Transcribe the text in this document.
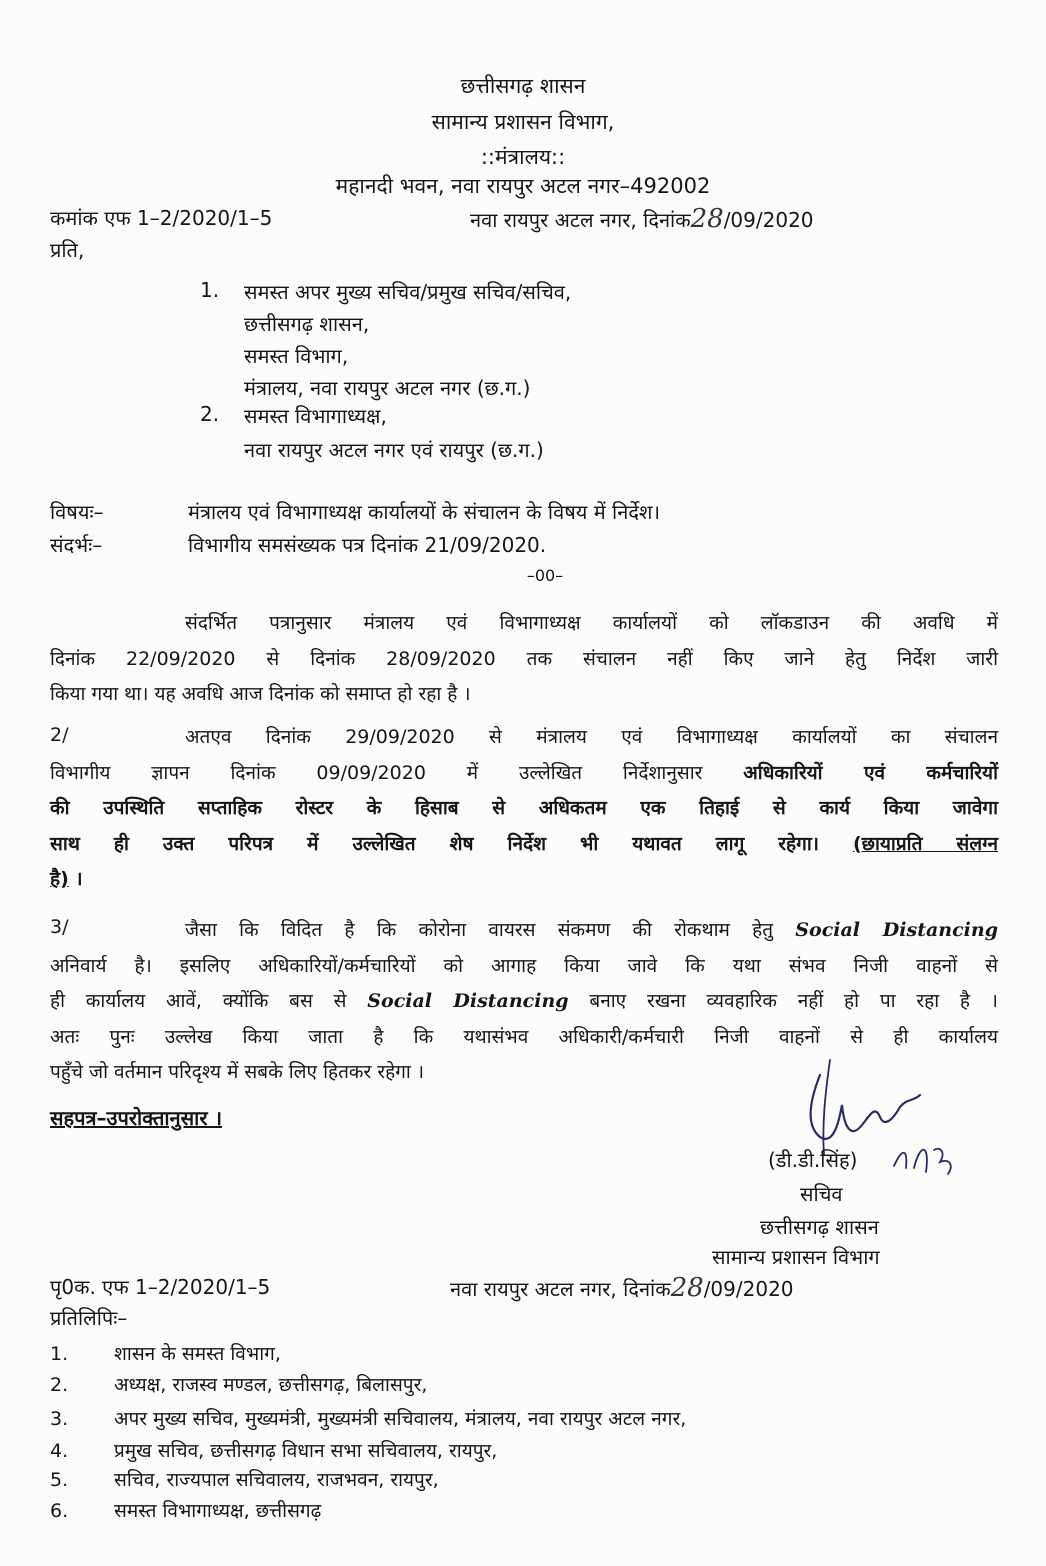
छत्तीसगढ़ शासन
सामान्य प्रशासन विभाग,
::मंत्रालय::
महानदी भवन, नवा रायपुर अटल नगर–492002
कमांक एफ 1–2/2020/1–5	नवा रायपुर अटल नगर, दिनांक28/09/2020
प्रति,
1. समस्त अपर मुख्य सचिव/प्रमुख सचिव/सचिव,
छत्तीसगढ़ शासन,
समस्त विभाग,
मंत्रालय, नवा रायपुर अटल नगर (छ.ग.)
2. समस्त विभागाध्यक्ष,
नवा रायपुर अटल नगर एवं रायपुर (छ.ग.)
विषयः–	मंत्रालय एवं विभागाध्यक्ष कार्यालयों के संचालन के विषय में निर्देश।
संदर्भः–	विभागीय समसंख्यक पत्र दिनांक 21/09/2020.
–00–
संदर्भित पत्रानुसार मंत्रालय एवं विभागाध्यक्ष कार्यालयों को लॉकडाउन की अवधि में
दिनांक 22/09/2020 से दिनांक 28/09/2020 तक संचालन नहीं किए जाने हेतु निर्देश जारी
किया गया था। यह अवधि आज दिनांक को समाप्त हो रहा है ।
2/	अतएव दिनांक 29/09/2020 से मंत्रालय एवं विभागाध्यक्ष कार्यालयों का संचालन
विभागीय ज्ञापन दिनांक 09/09/2020 में उल्लेखित निर्देशानुसार अधिकारियों एवं कर्मचारियों
की उपस्थिति सप्ताहिक रोस्टर के हिसाब से अधिकतम एक तिहाई से कार्य किया जावेगा
साथ ही उक्त परिपत्र में उल्लेखित शेष निर्देश भी यथावत लागू रहेगा। (छायाप्रति संलग्न
है) ।
3/	जैसा कि विदित है कि कोरोना वायरस संकमण की रोकथाम हेतु Social Distancing
अनिवार्य है। इसलिए अधिकारियों/कर्मचारियों को आगाह किया जावे कि यथा संभव निजी वाहनों से
ही कार्यालय आवें, क्योंकि बस से Social Distancing बनाए रखना व्यवहारिक नहीं हो पा रहा है ।
अतः पुनः उल्लेख किया जाता है कि यथासंभव अधिकारी/कर्मचारी निजी वाहनों से ही कार्यालय
पहुँचे जो वर्तमान परिदृश्य में सबके लिए हितकर रहेगा ।
सहपत्र–उपरोक्तानुसार ।
(डी.डी.सिंह)
सचिव
छत्तीसगढ़ शासन
सामान्य प्रशासन विभाग
पृ0क. एफ 1–2/2020/1–5	नवा रायपुर अटल नगर, दिनांक28/09/2020
प्रतिलिपिः–
1. शासन के समस्त विभाग,
2. अध्यक्ष, राजस्व मण्डल, छत्तीसगढ़, बिलासपुर,
3. अपर मुख्य सचिव, मुख्यमंत्री, मुख्यमंत्री सचिवालय, मंत्रालय, नवा रायपुर अटल नगर,
4. प्रमुख सचिव, छत्तीसगढ़ विधान सभा सचिवालय, रायपुर,
5. सचिव, राज्यपाल सचिवालय, राजभवन, रायपुर,
6. समस्त विभागाध्यक्ष, छत्तीसगढ़
